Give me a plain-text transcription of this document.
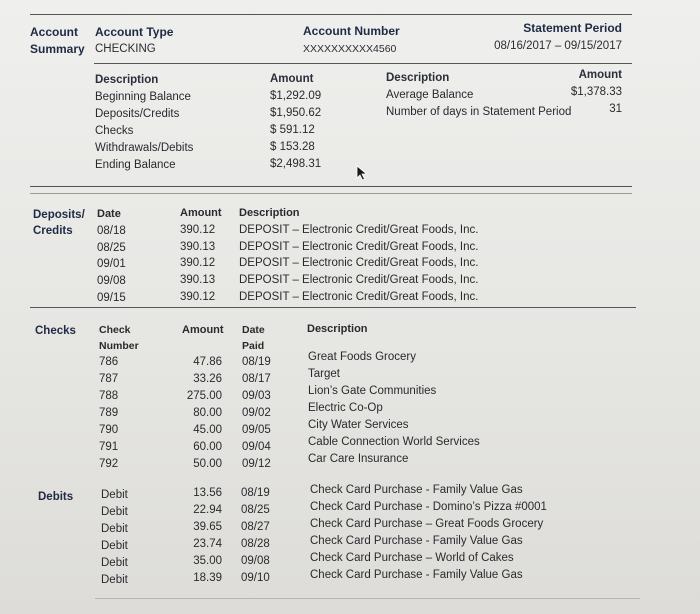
Account
Summary
Account Type
CHECKING
Account Number
XXXXXXXXXX4560
Statement Period
08/16/2017 – 09/15/2017
Description
Beginning Balance
Deposits/Credits
Checks
Withdrawals/Debits
Ending Balance
Amount
$1,292.09
$1,950.62
$ 591.12
$ 153.28
$2,498.31
Description
Average Balance
Number of days in Statement Period
Amount
$1,378.33
31
Deposits/
Credits
Date
08/18
08/25
09/01
09/08
09/15
Amount
390.12
390.13
390.12
390.13
390.12
Description
DEPOSIT – Electronic Credit/Great Foods, Inc.
DEPOSIT – Electronic Credit/Great Foods, Inc.
DEPOSIT – Electronic Credit/Great Foods, Inc.
DEPOSIT – Electronic Credit/Great Foods, Inc.
DEPOSIT – Electronic Credit/Great Foods, Inc.
Checks Check
Number
786
787
788
789
790
791
792
Amount
47.86
33.26
275.00
80.00
45.00
60.00
50.00
Date
Paid
08/19
08/17
09/03
09/02
09/05
09/04
09/12
Description
Great Foods Grocery
Target
Lion’s Gate Communities
Electric Co-Op
City Water Services
Cable Connection World Services
Car Care Insurance
Debits Debit
Debit
Debit
Debit
Debit
Debit
13.56
22.94
39.65
23.74
35.00
18.39
08/19
08/25
08/27
08/28
09/08
09/10
Check Card Purchase - Family Value Gas
Check Card Purchase - Domino’s Pizza #0001
Check Card Purchase – Great Foods Grocery
Check Card Purchase - Family Value Gas
Check Card Purchase – World of Cakes
Check Card Purchase - Family Value Gas
